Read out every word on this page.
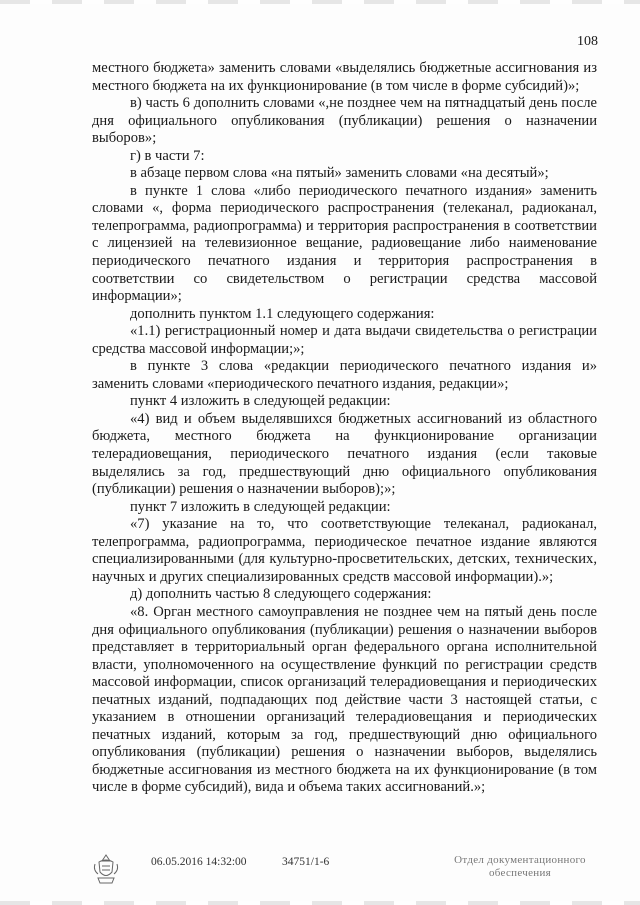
108

местного бюджета» заменить словами «выделялись бюджетные ассигнования из местного бюджета на их функционирование (в том числе в форме субсидий)»;

в) часть 6 дополнить словами «,не позднее чем на пятнадцатый день после дня официального опубликования (публикации) решения о назначении выборов»;

г) в части 7:

в абзаце первом слова «на пятый» заменить словами «на десятый»;

в пункте 1 слова «либо периодического печатного издания» заменить словами «, форма периодического распространения (телеканал, радиоканал, телепрограмма, радиопрограмма) и территория распространения в соответствии с лицензией на телевизионное вещание, радиовещание либо наименование периодического печатного издания и территория распространения в соответствии со свидетельством о регистрации средства массовой информации»;

дополнить пунктом 1.1 следующего содержания:

«1.1) регистрационный номер и дата выдачи свидетельства о регистрации средства массовой информации;»;

в пункте 3 слова «редакции периодического печатного издания и» заменить словами «периодического печатного издания, редакции»;

пункт 4 изложить в следующей редакции:

«4) вид и объем выделявшихся бюджетных ассигнований из областного бюджета, местного бюджета на функционирование организации телерадиовещания, периодического печатного издания (если таковые выделялись за год, предшествующий дню официального опубликования (публикации) решения о назначении выборов);»;

пункт 7 изложить в следующей редакции:

«7) указание на то, что соответствующие телеканал, радиоканал, телепрограмма, радиопрограмма, периодическое печатное издание являются специализированными (для культурно-просветительских, детских, технических, научных и других специализированных средств массовой информации).»;

д) дополнить частью 8 следующего содержания:

«8. Орган местного самоуправления не позднее чем на пятый день после дня официального опубликования (публикации) решения о назначении выборов представляет в территориальный орган федерального органа исполнительной власти, уполномоченного на осуществление функций по регистрации средств массовой информации, список организаций телерадиовещания и периодических печатных изданий, подпадающих под действие части 3 настоящей статьи, с указанием в отношении организаций телерадиовещания и периодических печатных изданий, которым за год, предшествующий дню официального опубликования (публикации) решения о назначении выборов, выделялись бюджетные ассигнования из местного бюджета на их функционирование (в том числе в форме субсидий), вида и объема таких ассигнований.»;

06.05.2016 14:32:00	34751/1-6	Отдел документационного
обеспечения
